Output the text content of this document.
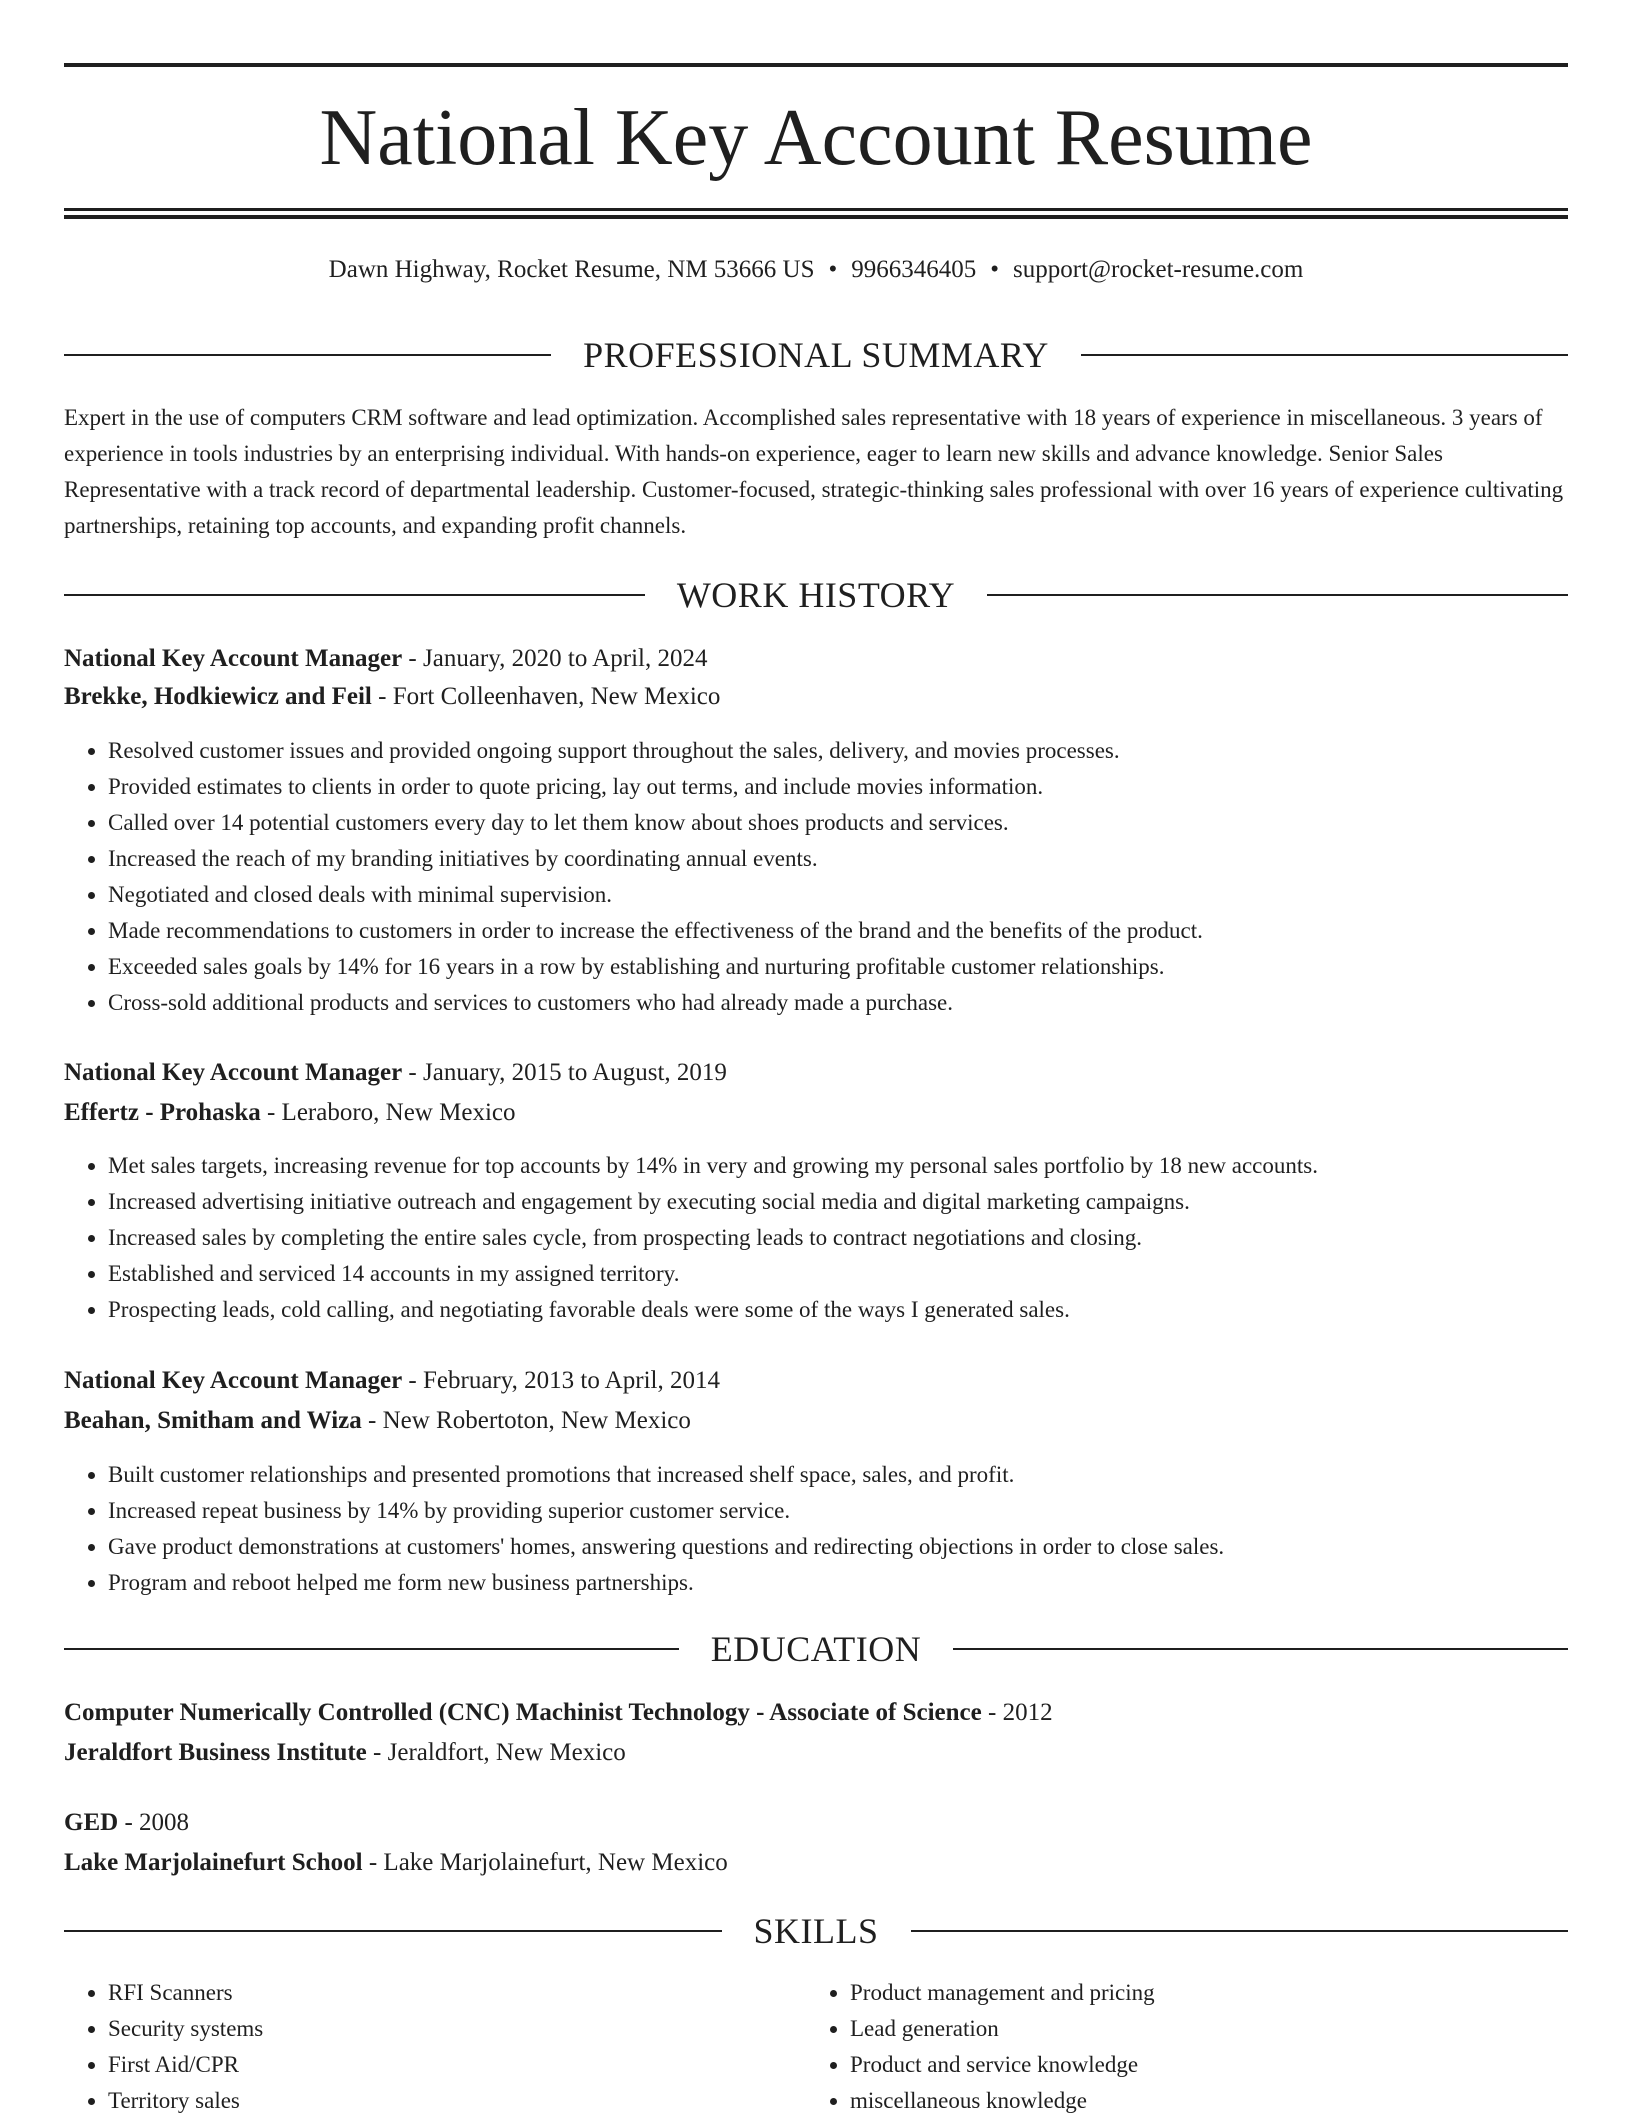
National Key Account Resume
Dawn Highway, Rocket Resume, NM 53666 US • 9966346405 • support@rocket-resume.com
PROFESSIONAL SUMMARY

Expert in the use of computers CRM software and lead optimization. Accomplished sales representative with 18 years of experience in miscellaneous. 3 years of experience in tools industries by an enterprising individual. With hands-on experience, eager to learn new skills and advance knowledge. Senior Sales Representative with a track record of departmental leadership. Customer-focused, strategic-thinking sales professional with over 16 years of experience cultivating partnerships, retaining top accounts, and expanding profit channels.

WORK HISTORY
National Key Account Manager - January, 2020 to April, 2024
Brekke, Hodkiewicz and Feil - Fort Colleenhaven, New Mexico
• Resolved customer issues and provided ongoing support throughout the sales, delivery, and movies processes.
• Provided estimates to clients in order to quote pricing, lay out terms, and include movies information.
• Called over 14 potential customers every day to let them know about shoes products and services.
• Increased the reach of my branding initiatives by coordinating annual events.
• Negotiated and closed deals with minimal supervision.
• Made recommendations to customers in order to increase the effectiveness of the brand and the benefits of the product.
• Exceeded sales goals by 14% for 16 years in a row by establishing and nurturing profitable customer relationships.
• Cross-sold additional products and services to customers who had already made a purchase.
National Key Account Manager - January, 2015 to August, 2019
Effertz - Prohaska - Leraboro, New Mexico
• Met sales targets, increasing revenue for top accounts by 14% in very and growing my personal sales portfolio by 18 new accounts.
• Increased advertising initiative outreach and engagement by executing social media and digital marketing campaigns.
• Increased sales by completing the entire sales cycle, from prospecting leads to contract negotiations and closing.
• Established and serviced 14 accounts in my assigned territory.
• Prospecting leads, cold calling, and negotiating favorable deals were some of the ways I generated sales.
National Key Account Manager - February, 2013 to April, 2014
Beahan, Smitham and Wiza - New Robertoton, New Mexico
• Built customer relationships and presented promotions that increased shelf space, sales, and profit.
• Increased repeat business by 14% by providing superior customer service.
• Gave product demonstrations at customers' homes, answering questions and redirecting objections in order to close sales.
• Program and reboot helped me form new business partnerships.
EDUCATION
Computer Numerically Controlled (CNC) Machinist Technology - Associate of Science - 2012
Jeraldfort Business Institute - Jeraldfort, New Mexico
GED - 2008
Lake Marjolainefurt School - Lake Marjolainefurt, New Mexico
SKILLS
• RFI Scanners
• Security systems
• First Aid/CPR
• Territory sales
• Product management and pricing
• Lead generation
• Product and service knowledge
• miscellaneous knowledge
